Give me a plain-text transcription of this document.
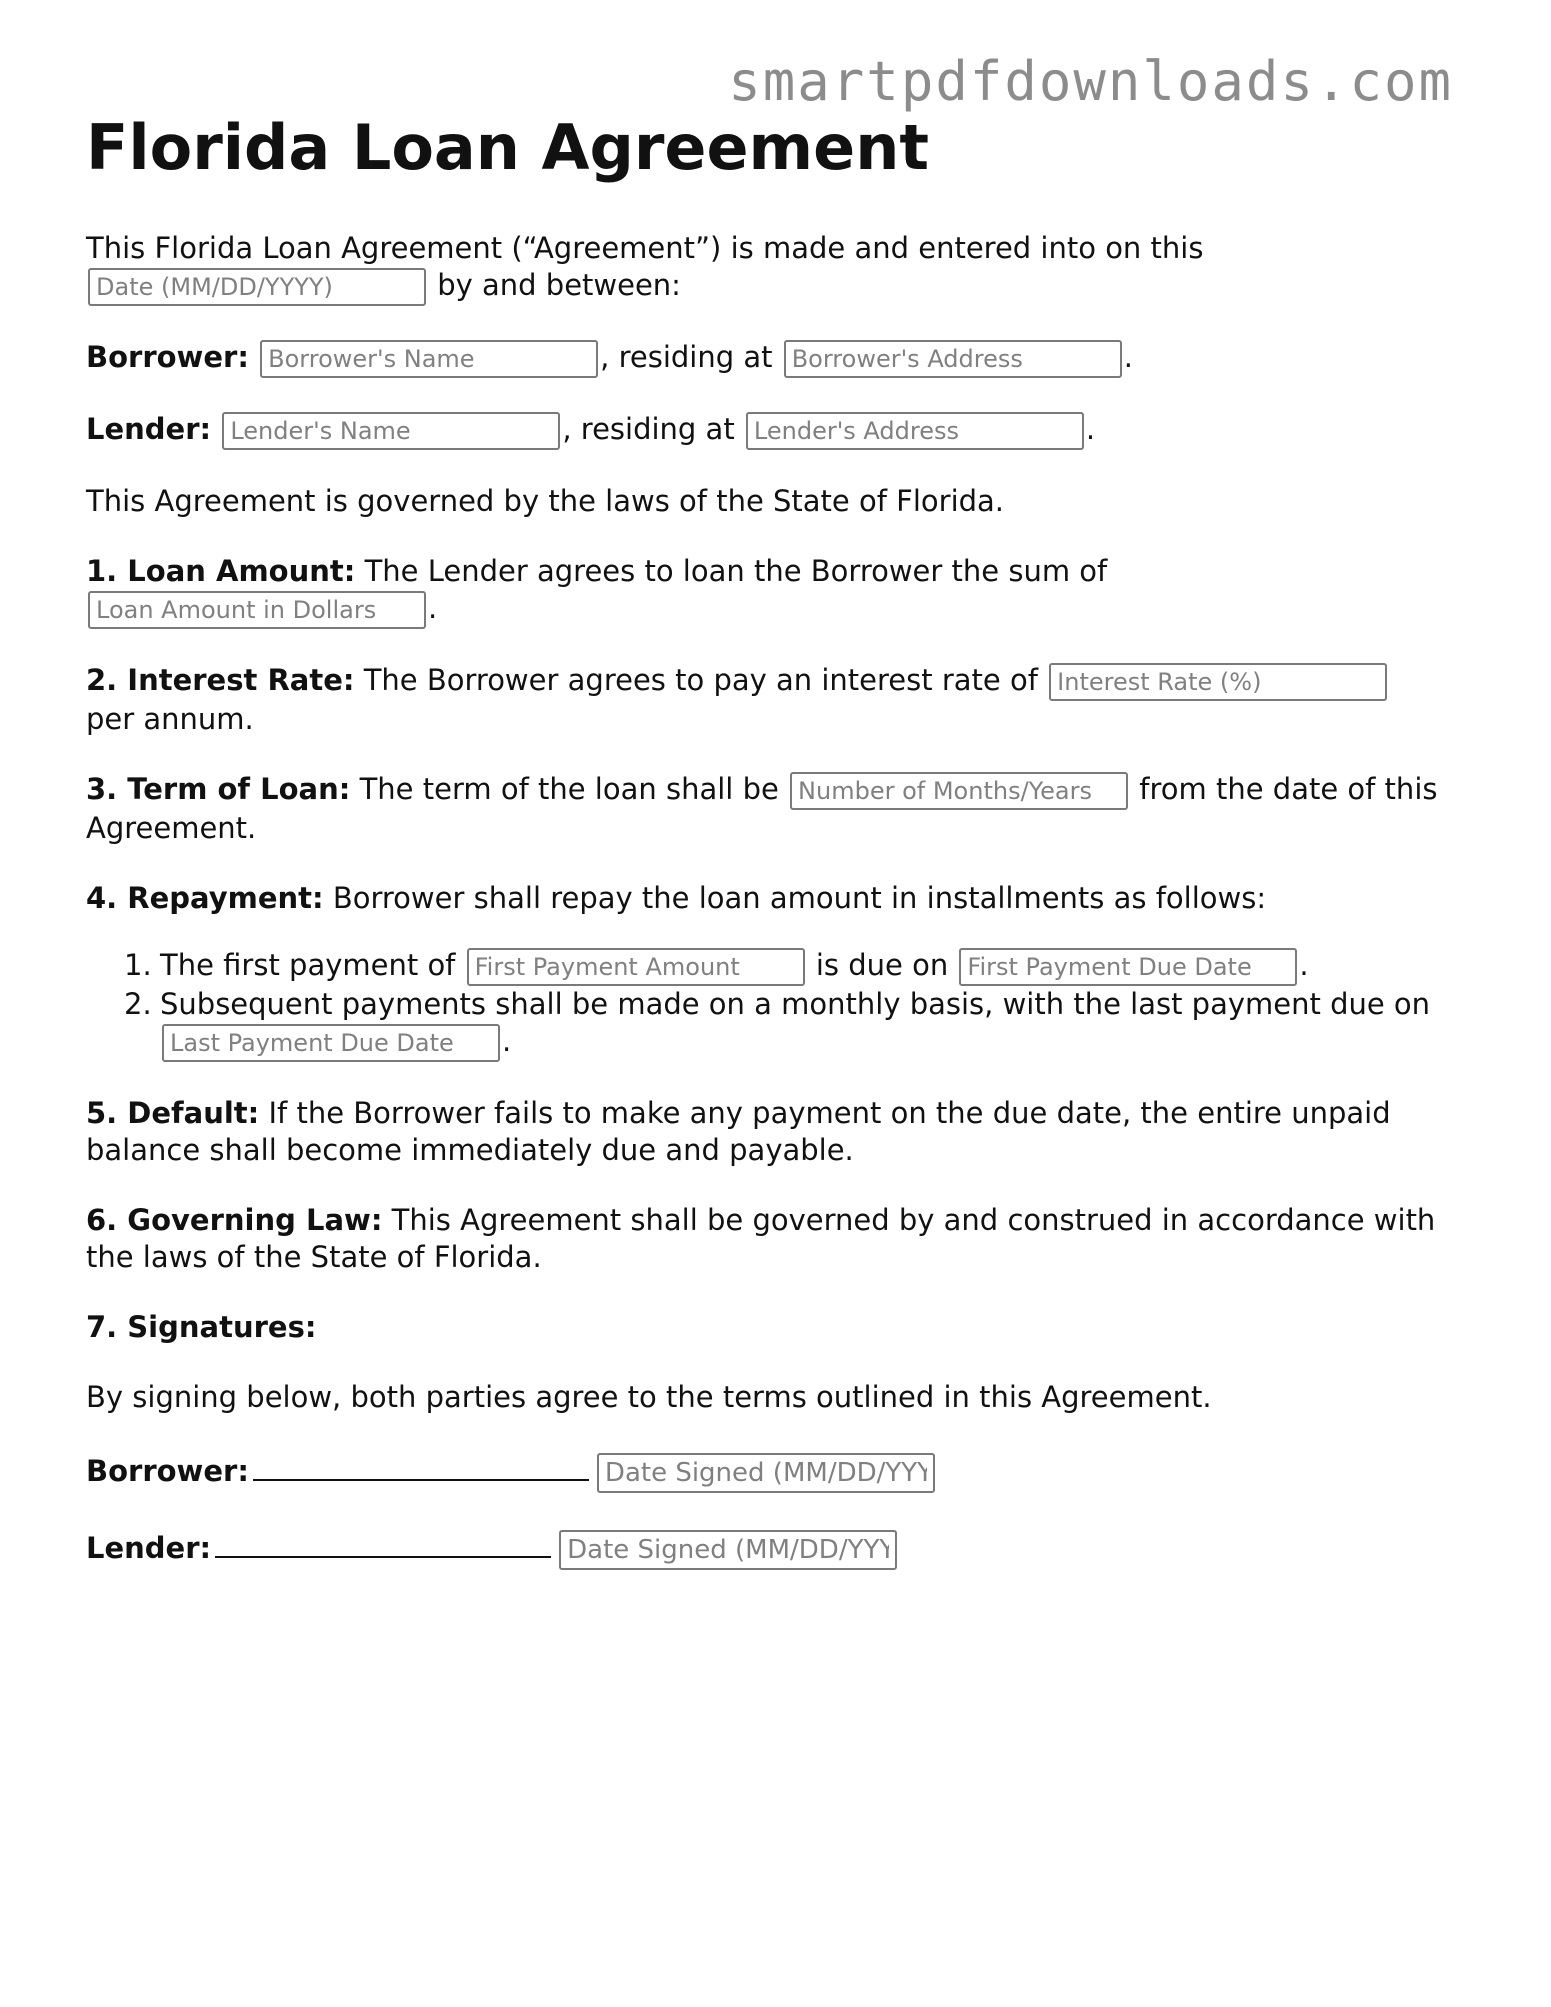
smartpdfdownloads.com
Florida Loan Agreement

This Florida Loan Agreement (“Agreement”) is made and entered into on this
Date (MM/DD/YYYY) by and between:

Borrower: Borrower's Name	, residing at Borrower's Address	.

Lender: Lender's Name	, residing at Lender's Address	.

This Agreement is governed by the laws of the State of Florida.

1. Loan Amount: The Lender agrees to loan the Borrower the sum of
Loan Amount in Dollars.

2. Interest Rate: The Borrower agrees to pay an interest rate of Interest Rate (%)
per annum.

3. Term of Loan: The term of the loan shall be Number of Months/Years	from the date of this Agreement.

4. Repayment: Borrower shall repay the loan amount in installments as follows:

1. The first payment of First Payment Amount	is due on First Payment Due Date	.
2. Subsequent payments shall be made on a monthly basis, with the last payment due on Last Payment Due Date.

5. Default: If the Borrower fails to make any payment on the due date, the entire unpaid balance shall become immediately due and payable.

6. Governing Law: This Agreement shall be governed by and construed in accordance with the laws of the State of Florida.

7. Signatures:

By signing below, both parties agree to the terms outlined in this Agreement.

Borrower:Date Signed (MM/DD/YYYY

Lender:Date Signed (MM/DD/YYYY
